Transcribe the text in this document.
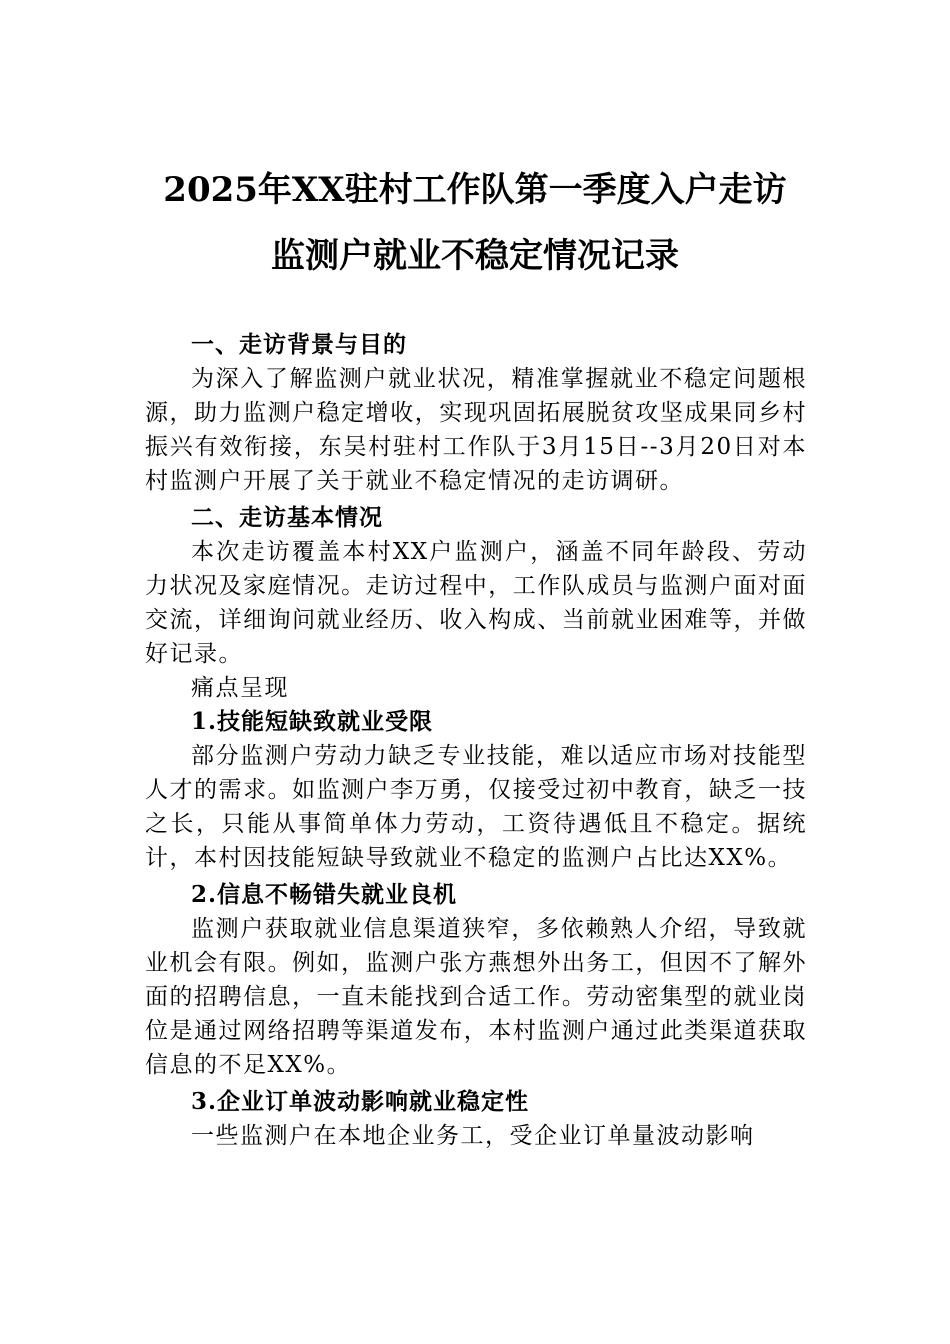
2025年XX驻村工作队第一季度入户走访
监测户就业不稳定情况记录

一、走访背景与目的

为深入了解监测户就业状况，精准掌握就业不稳定问题根源，助力监测户稳定增收，实现巩固拓展脱贫攻坚成果同乡村振兴有效衔接，东吴村驻村工作队于3月15日--3月20日对本村监测户开展了关于就业不稳定情况的走访调研。

二、走访基本情况

本次走访覆盖本村XX户监测户，涵盖不同年龄段、劳动力状况及家庭情况。走访过程中，工作队成员与监测户面对面交流，详细询问就业经历、收入构成、当前就业困难等，并做好记录。

痛点呈现

1.技能短缺致就业受限

部分监测户劳动力缺乏专业技能，难以适应市场对技能型人才的需求。如监测户李万勇，仅接受过初中教育，缺乏一技之长，只能从事简单体力劳动，工资待遇低且不稳定。据统计，本村因技能短缺导致就业不稳定的监测户占比达XX%。

2.信息不畅错失就业良机

监测户获取就业信息渠道狭窄，多依赖熟人介绍，导致就业机会有限。例如，监测户张方燕想外出务工，但因不了解外面的招聘信息，一直未能找到合适工作。劳动密集型的就业岗位是通过网络招聘等渠道发布，本村监测户通过此类渠道获取信息的不足XX%。

3.企业订单波动影响就业稳定性

一些监测户在本地企业务工，受企业订单量波动影响
